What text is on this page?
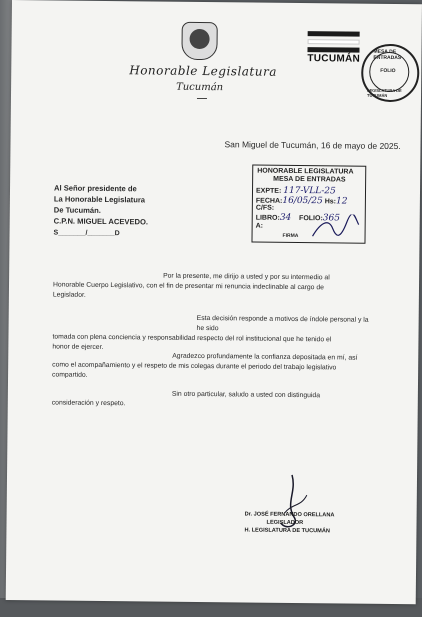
Honorable Legislatura
Tucumán
TUCUMÁN
MESA DE ENTRADAS
FOLIO
LEGISLATURA DE TUCUMÁN
San Miguel de Tucumán, 16 de mayo de 2025.
Al Señor presidente de
La Honorable Legislatura
De Tucumán.
C.P.N. MIGUEL ACEVEDO.
S_______/_______D
HONORABLE LEGISLATURA
MESA DE ENTRADAS
EXPTE: 117-VLL-25
FECHA:16/05/25 Hs:12
C/FS:
LIBRO:34 FOLIO:365
A:
FIRMA
Por la presente, me dirijo a usted y por su intermedio al
Honorable Cuerpo Legislativo, con el fin de presentar mi renuncia indeclinable al cargo de
Legislador.
Esta decisión responde a motivos de índole personal y la he sido
tomada con plena conciencia y responsabilidad respecto del rol institucional que he tenido el
honor de ejercer.
Agradezco profundamente la confianza depositada en mí, así
como el acompañamiento y el respeto de mis colegas durante el periodo del trabajo legislativo
compartido.
Sin otro particular, saludo a usted con distinguida
consideración y respeto.
Dr. JOSÉ FERNANDO ORELLANA
LEGISLADOR
H. LEGISLATURA DE TUCUMÁN
